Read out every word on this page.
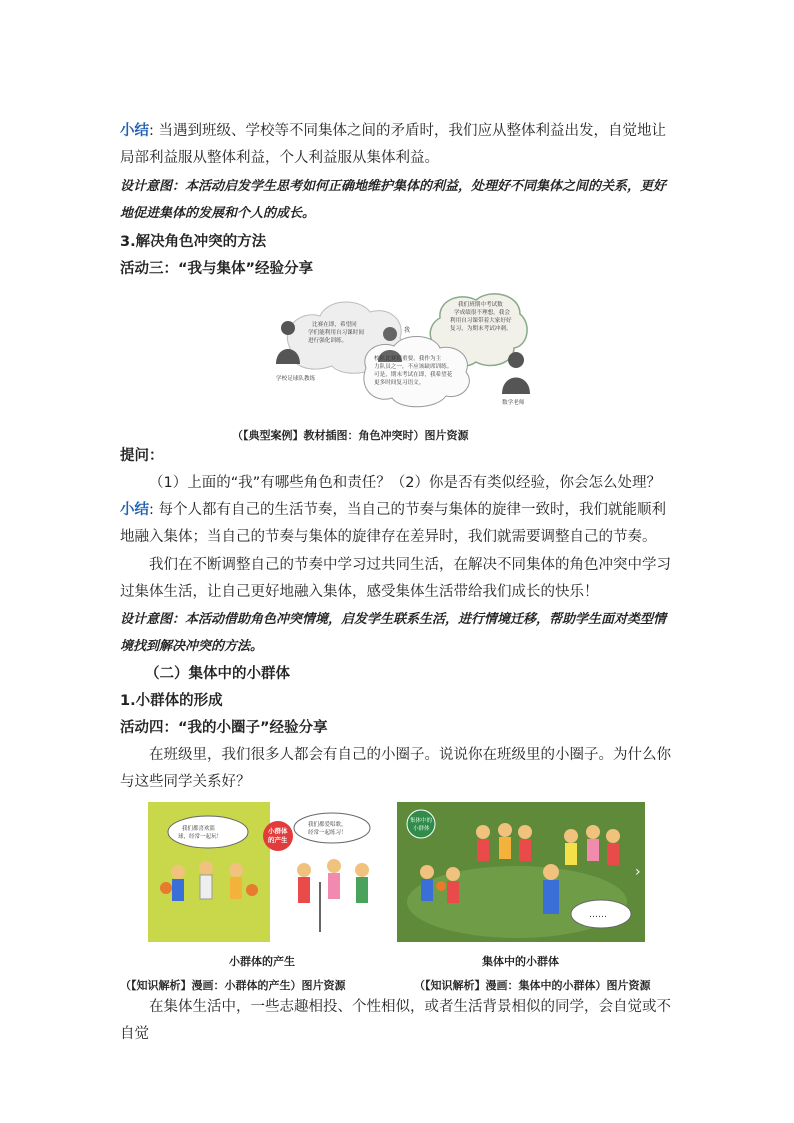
小结: 当遇到班级、学校等不同集体之间的矛盾时，我们应从整体利益出发，自觉地让局部利益服从整体利益，个人利益服从集体利益。
设计意图：本活动启发学生思考如何正确地维护集体的利益，处理好不同集体之间的关系，更好地促进集体的发展和个人的成长。
3.解决角色冲突的方法
活动三：“我与集体”经验分享
比赛在即，希望同
学们能利用自习课时间
进行强化训练。
校队比赛很重要，我作为主
力队员之一，不应该缺席训练。
可是，期末考试在即，我希望花
更多时间复习语文。
我们班期中考试数
学成绩很不理想，我会
利用自习课带着大家好好
复习，为期末考试冲刺。
我
学校足球队教练
数学老师
（【典型案例】教材插图：角色冲突时）图片资源
提问：
（1）上面的“我”有哪些角色和责任？（2）你是否有类似经验，你会怎么处理？
小结: 每个人都有自己的生活节奏，当自己的节奏与集体的旋律一致时，我们就能顺利地融入集体；当自己的节奏与集体的旋律存在差异时，我们就需要调整自己的节奏。
我们在不断调整自己的节奏中学习过共同生活，在解决不同集体的角色冲突中学习过集体生活，让自己更好地融入集体，感受集体生活带给我们成长的快乐！
设计意图：本活动借助角色冲突情境，启发学生联系生活，进行情境迁移，帮助学生面对类型情境找到解决冲突的方法。
（二）集体中的小群体
1.小群体的形成
活动四：“我的小圈子”经验分享
在班级里，我们很多人都会有自己的小圈子。说说你在班级里的小圈子。为什么你与这些同学关系好？
我们都喜欢篮
球，经常一起玩！
我们都爱唱歌，
经常一起练习！
小群体
的产生
集体中的
小群体
……
›
小群体的产生	集体中的小群体
（【知识解析】漫画：小群体的产生）图片资源	（【知识解析】漫画：集体中的小群体）图片资源
在集体生活中，一些志趣相投、个性相似，或者生活背景相似的同学，会自觉或不自觉
